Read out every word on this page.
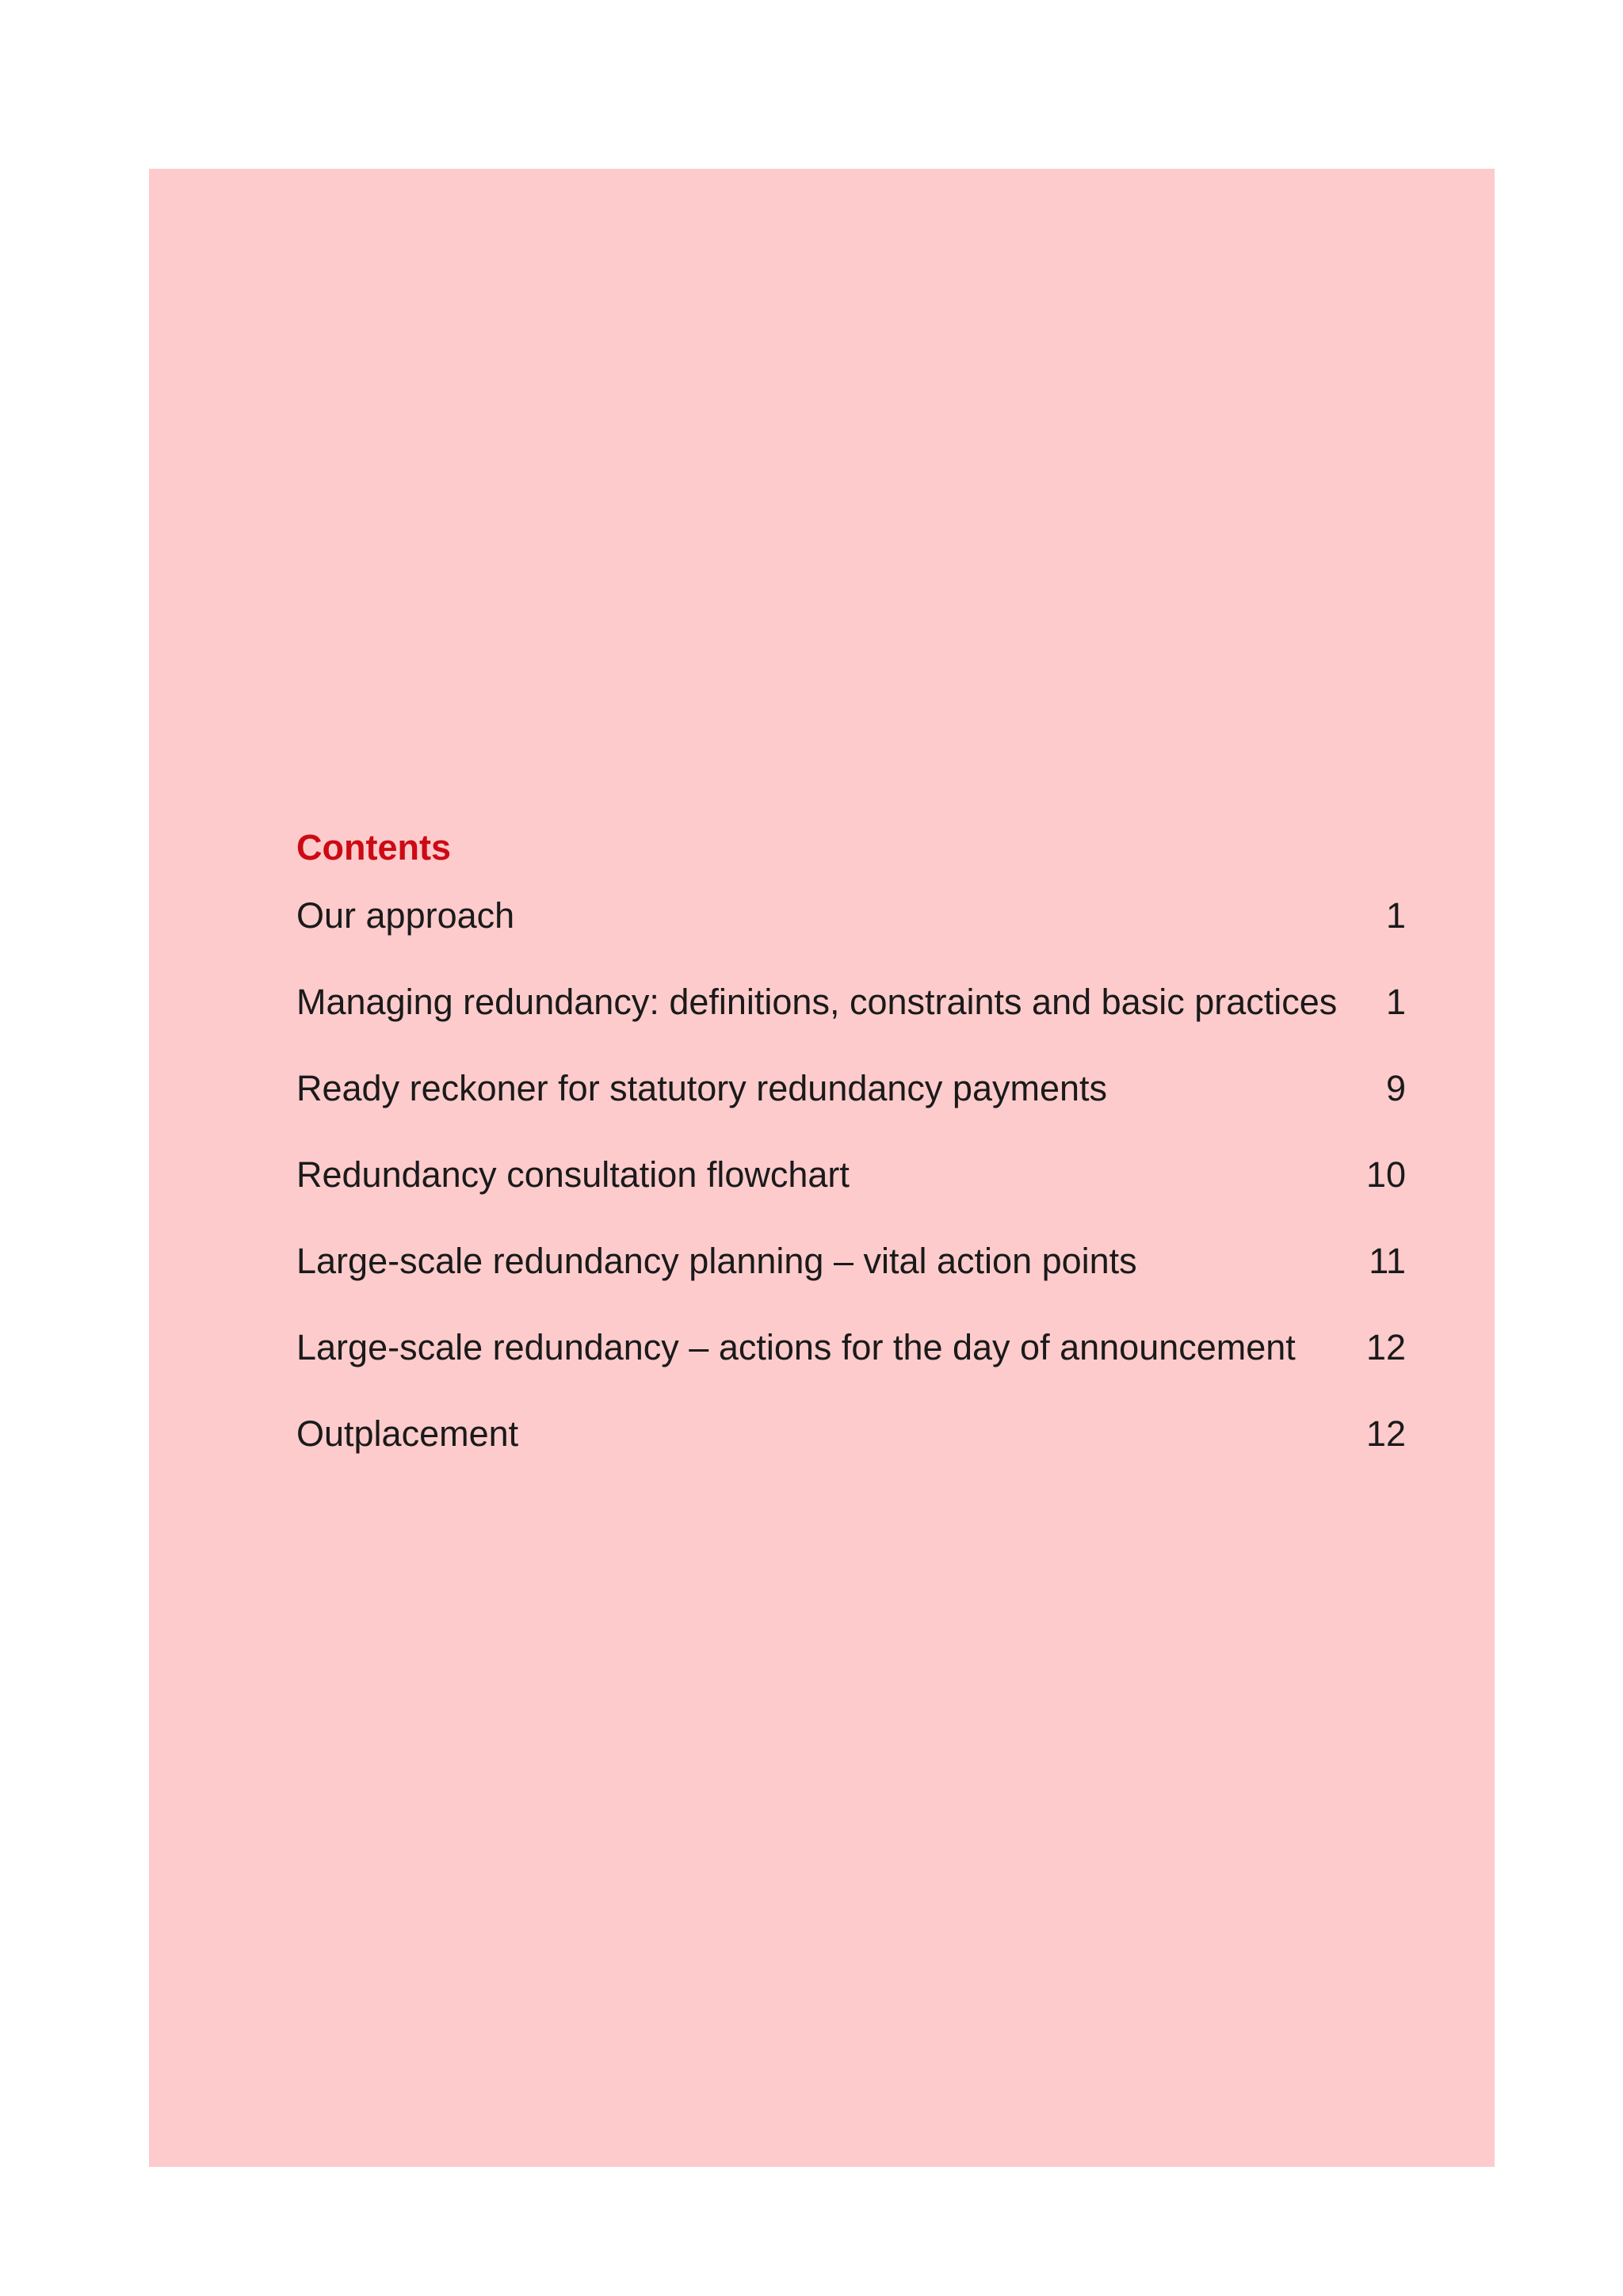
Contents
Our approach	1
Managing redundancy: definitions, constraints and basic practices	1
Ready reckoner for statutory redundancy payments	9
Redundancy consultation flowchart	10
Large-scale redundancy planning – vital action points	11
Large-scale redundancy – actions for the day of announcement	12
Outplacement	12
